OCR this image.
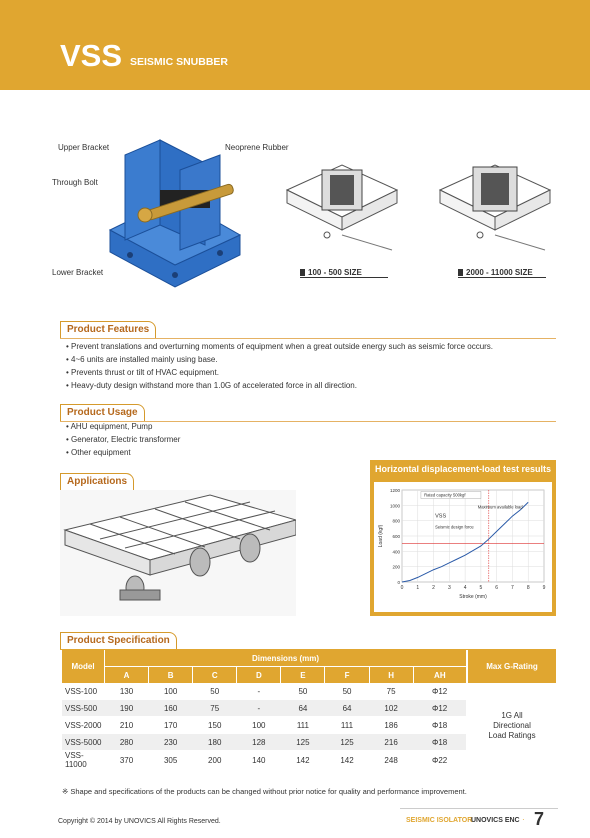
VSS SEISMIC SNUBBER
Upper Bracket	Neoprene Rubber
Through Bolt
Lower Bracket	100 - 500 SIZE	2000 - 11000 SIZE
Product Features
• Prevent translations and overturning moments of equipment when a great outside energy such as seismic force occurs.
• 4~6 units are installed mainly using base.
• Prevents thrust or tilt of HVAC equipment.
• Heavy-duty design withstand more than 1.0G of accelerated force in all direction.
Product Usage
• AHU equipment, Pump
• Generator, Electric transformer
• Other equipment
Applications
Horizontal displacement-load test results
0	1	2	3	4	5	6	7	8	9
0
200
400
600
800
1000
1200
Stroke (mm)
Load (kgf)
Rated capacity 500kgf
Maximum available load
VSS
Seismic design force
Product Specification
Model	Dimensions (mm)								Max G-Rating
	A	B	C	D	E	F	H	AH	
VSS-100	130	100	50	-	50	50	75	Φ12	1G All Directional Load Ratings
VSS-500	190	160	75	-	64	64	102	Φ12	
VSS-2000	210	170	150	100	111	111	186	Φ18	
VSS-5000	280	230	180	128	125	125	216	Φ18	
VSS-11000	370	305	200	140	142	142	248	Φ22	
※ Shape and specifications of the products can be changed without prior notice for quality and performance improvement.
Copyright © 2014 by UNOVICS All Rights Reserved.	SEISMIC ISOLATOR
UNOVICS ENC · 7
